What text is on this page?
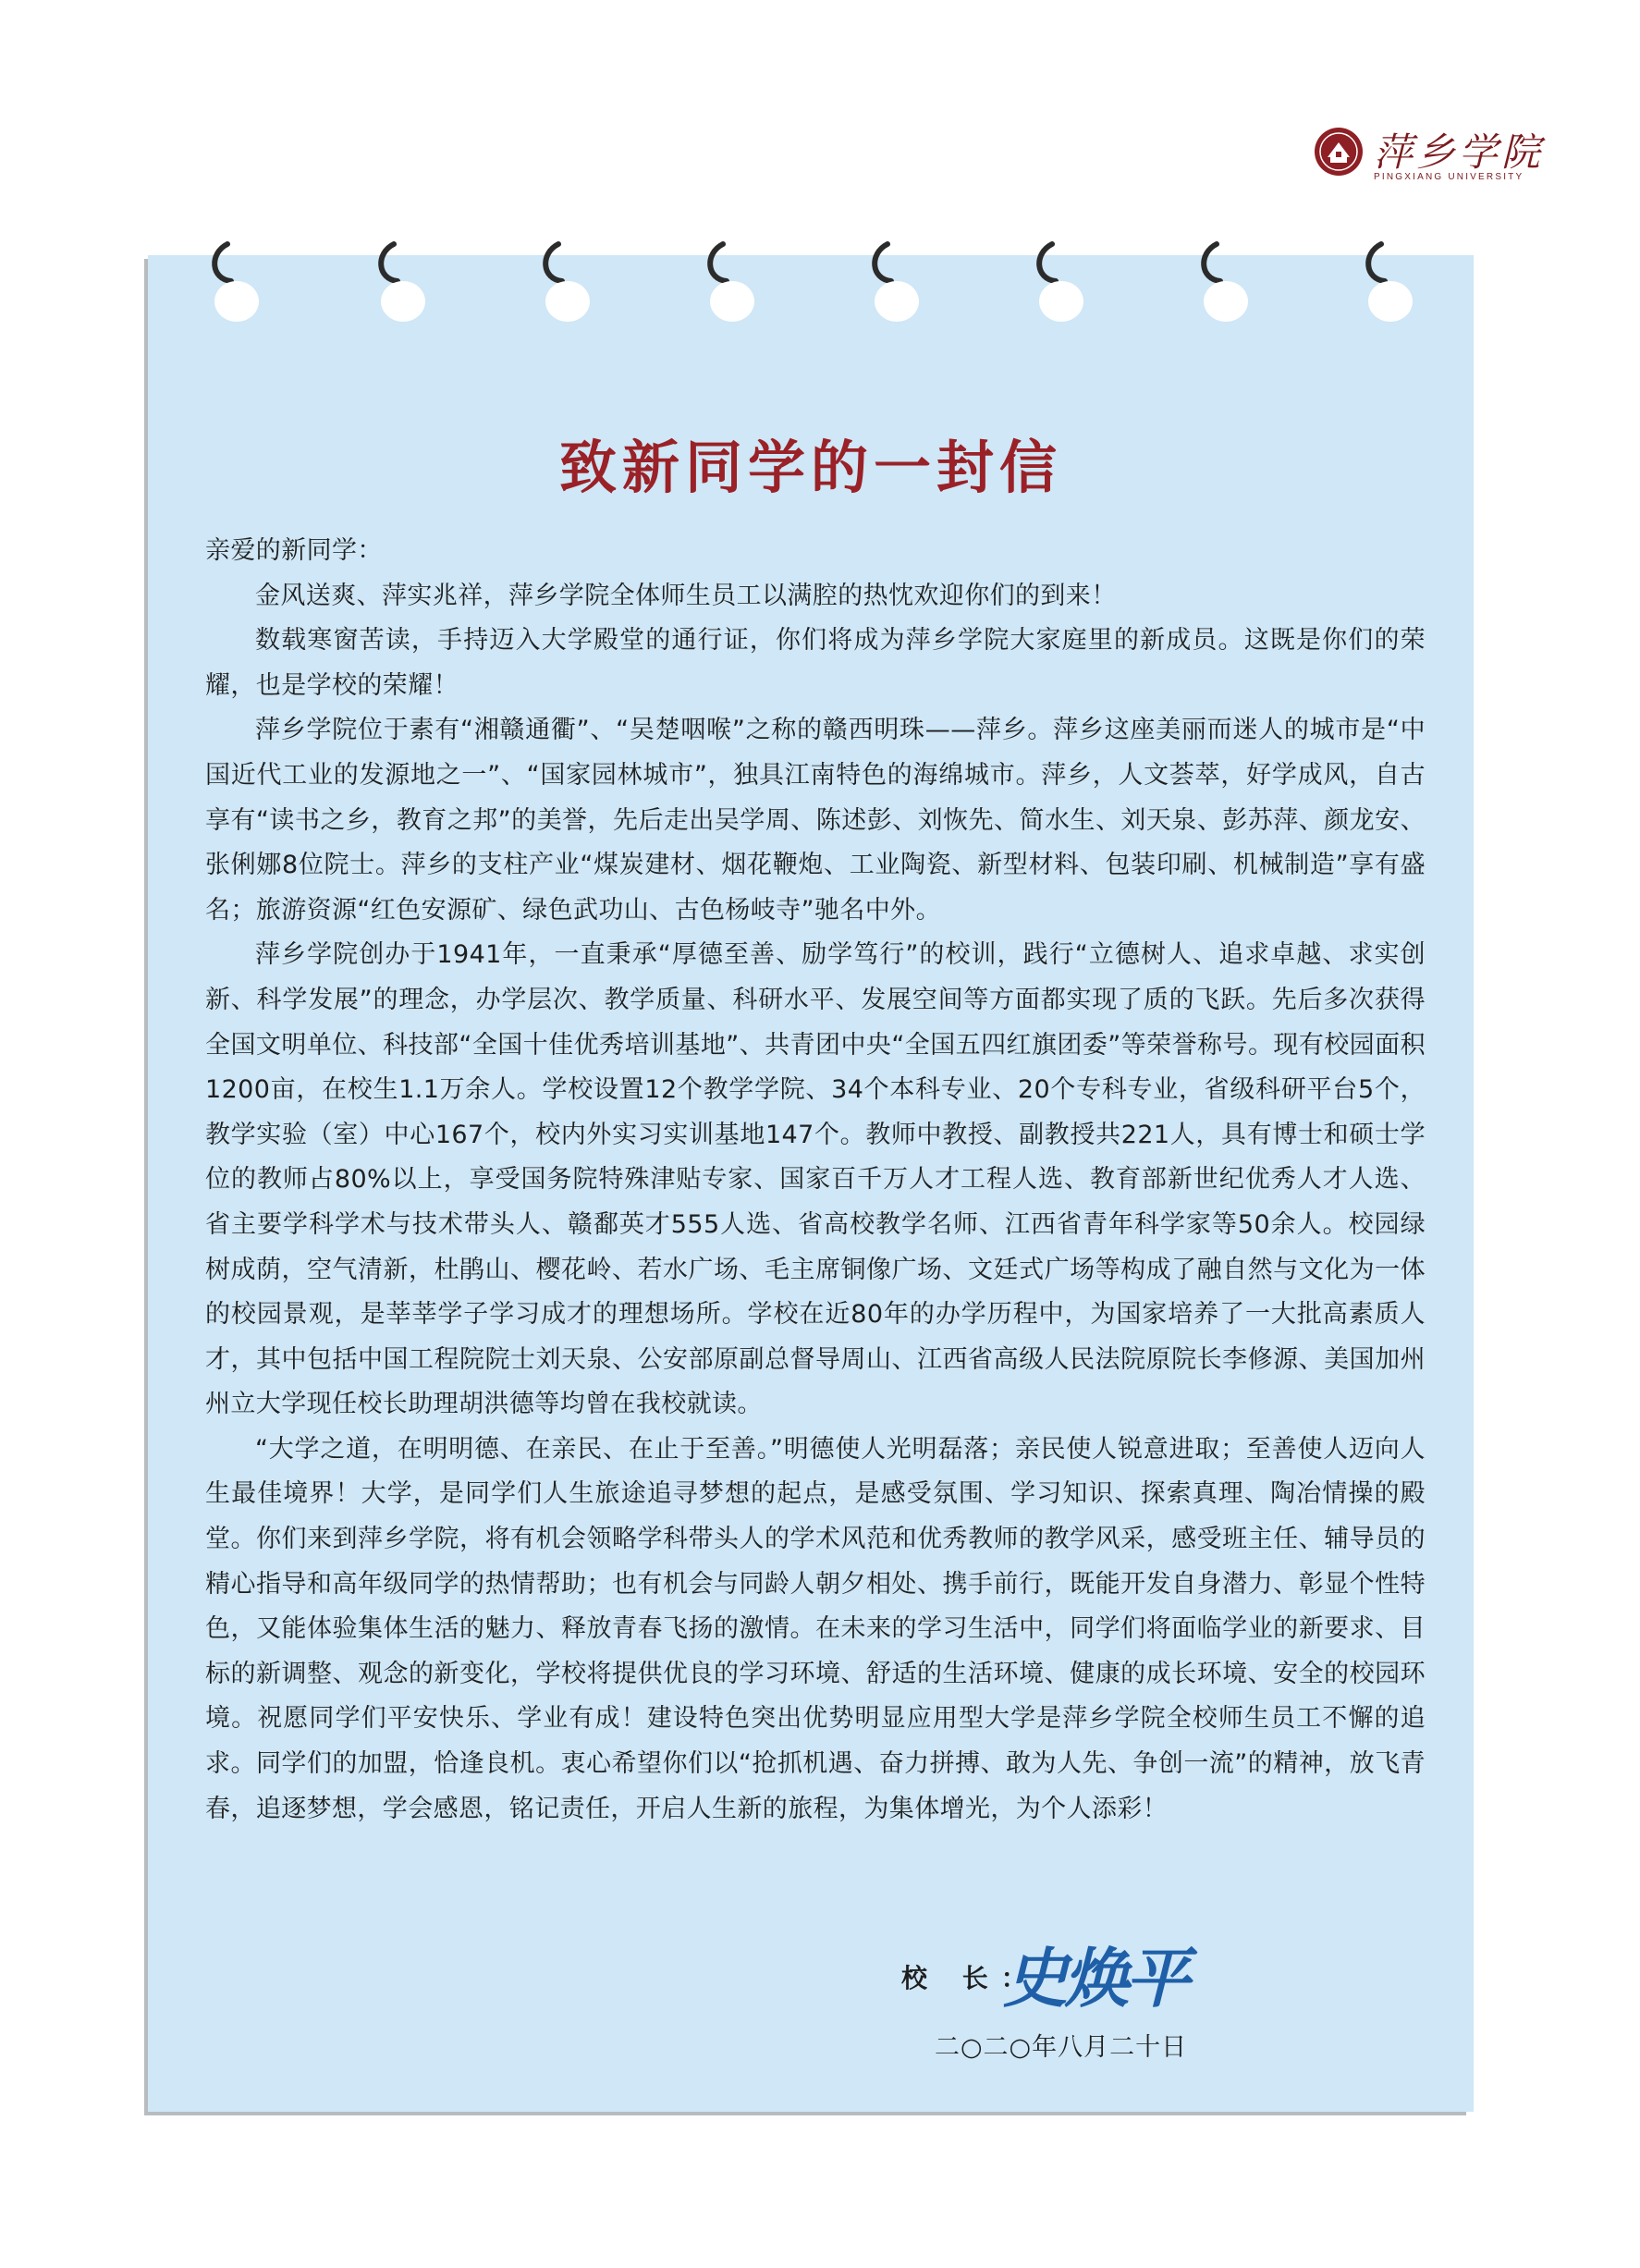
萍乡学院
PINGXIANG UNIVERSITY
致新同学的一封信

亲爱的新同学：

金风送爽、萍实兆祥，萍乡学院全体师生员工以满腔的热忱欢迎你们的到来！

数载寒窗苦读，手持迈入大学殿堂的通行证，你们将成为萍乡学院大家庭里的新成员。这既是你们的荣耀，也是学校的荣耀！

萍乡学院位于素有“湘赣通衢”、“吴楚咽喉”之称的赣西明珠——萍乡。萍乡这座美丽而迷人的城市是“中国近代工业的发源地之一”、“国家园林城市”，独具江南特色的海绵城市。萍乡，人文荟萃，好学成风，自古享有“读书之乡，教育之邦”的美誉，先后走出吴学周、陈述彭、刘恢先、简水生、刘天泉、彭苏萍、颜龙安、张俐娜8位院士。萍乡的支柱产业“煤炭建材、烟花鞭炮、工业陶瓷、新型材料、包装印刷、机械制造”享有盛名；旅游资源“红色安源矿、绿色武功山、古色杨岐寺”驰名中外。

萍乡学院创办于1941年，一直秉承“厚德至善、励学笃行”的校训，践行“立德树人、追求卓越、求实创新、科学发展”的理念，办学层次、教学质量、科研水平、发展空间等方面都实现了质的飞跃。先后多次获得全国文明单位、科技部“全国十佳优秀培训基地”、共青团中央“全国五四红旗团委”等荣誉称号。现有校园面积1200亩，在校生1.1万余人。学校设置12个教学学院、34个本科专业、20个专科专业，省级科研平台5个，教学实验（室）中心167个，校内外实习实训基地147个。教师中教授、副教授共221人，具有博士和硕士学位的教师占80%以上，享受国务院特殊津贴专家、国家百千万人才工程人选、教育部新世纪优秀人才人选、省主要学科学术与技术带头人、赣鄱英才555人选、省高校教学名师、江西省青年科学家等50余人。校园绿树成荫，空气清新，杜鹃山、樱花岭、若水广场、毛主席铜像广场、文廷式广场等构成了融自然与文化为一体的校园景观，是莘莘学子学习成才的理想场所。学校在近80年的办学历程中，为国家培养了一大批高素质人才，其中包括中国工程院院士刘天泉、公安部原副总督导周山、江西省高级人民法院原院长李修源、美国加州州立大学现任校长助理胡洪德等均曾在我校就读。

“大学之道，在明明德、在亲民、在止于至善。”明德使人光明磊落；亲民使人锐意进取；至善使人迈向人生最佳境界！大学，是同学们人生旅途追寻梦想的起点，是感受氛围、学习知识、探索真理、陶冶情操的殿堂。你们来到萍乡学院，将有机会领略学科带头人的学术风范和优秀教师的教学风采，感受班主任、辅导员的精心指导和高年级同学的热情帮助；也有机会与同龄人朝夕相处、携手前行，既能开发自身潜力、彰显个性特色，又能体验集体生活的魅力、释放青春飞扬的激情。在未来的学习生活中，同学们将面临学业的新要求、目标的新调整、观念的新变化，学校将提供优良的学习环境、舒适的生活环境、健康的成长环境、安全的校园环境。祝愿同学们平安快乐、学业有成！建设特色突出优势明显应用型大学是萍乡学院全校师生员工不懈的追求。同学们的加盟，恰逢良机。衷心希望你们以“抢抓机遇、奋力拼搏、敢为人先、争创一流”的精神，放飞青春，追逐梦想，学会感恩，铭记责任，开启人生新的旅程，为集体增光，为个人添彩！

校 长：
史焕平
二○二○年八月二十日
